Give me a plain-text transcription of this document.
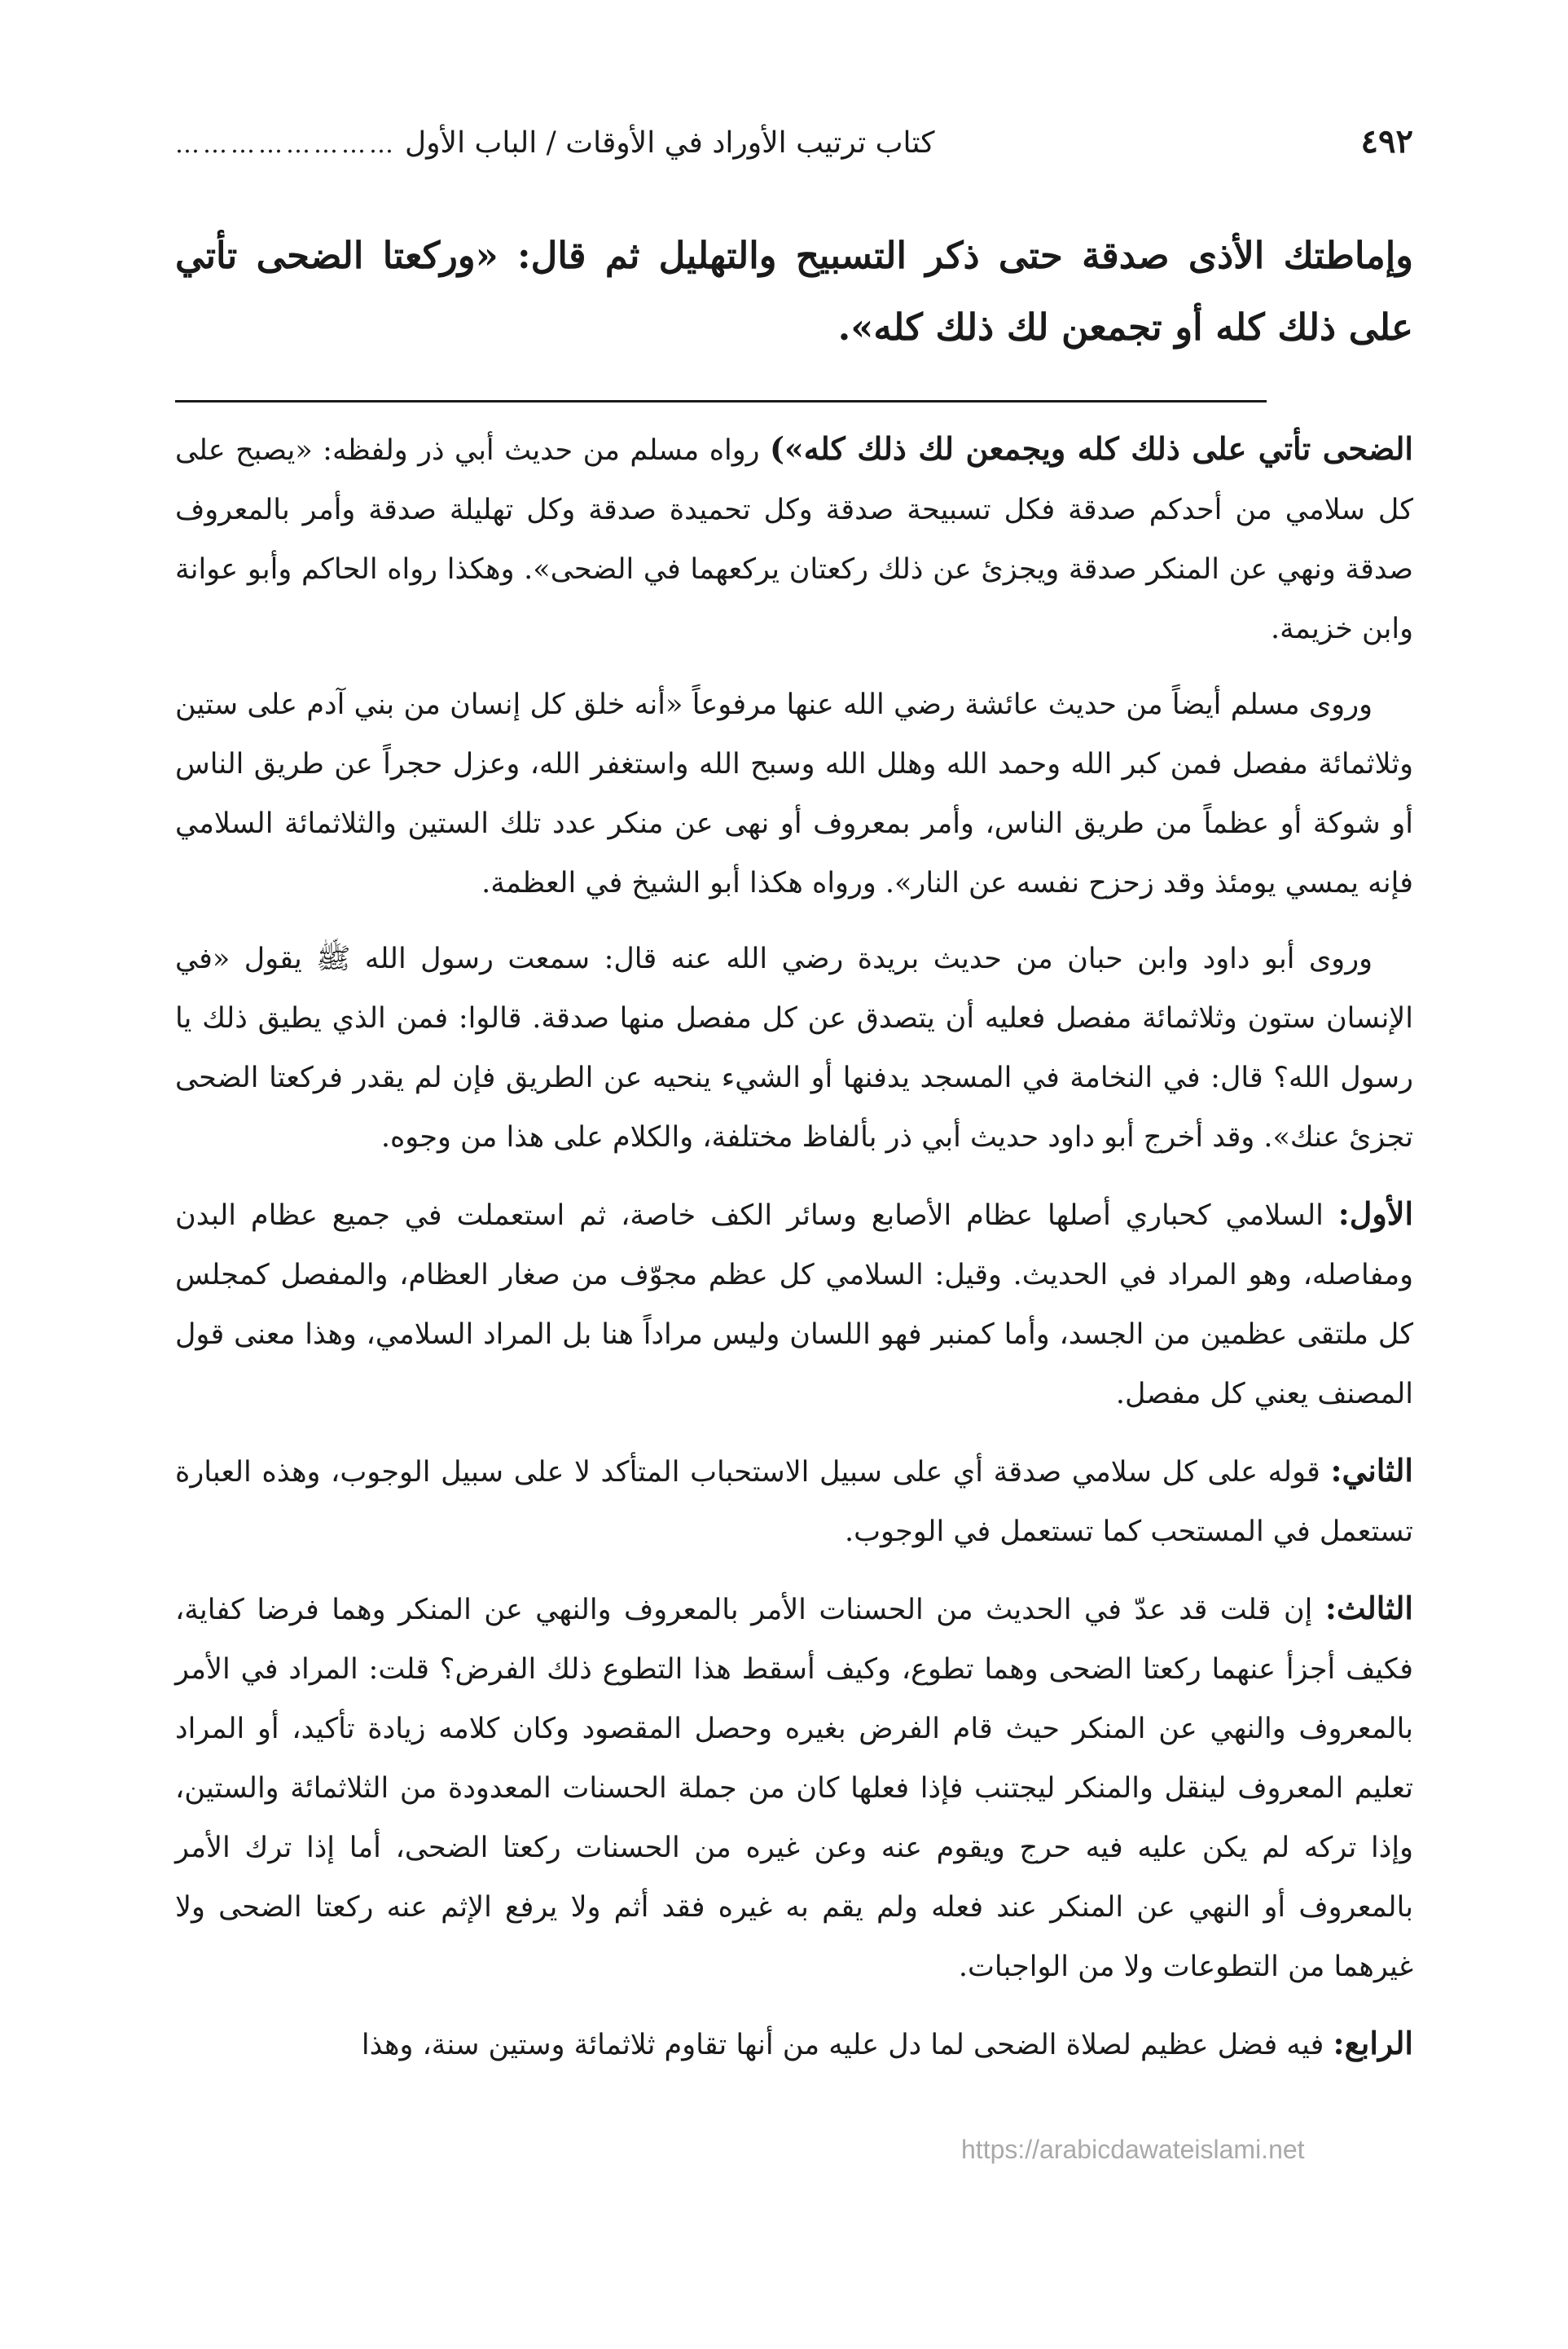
٤٩٢
كتاب ترتيب الأوراد في الأوقات / الباب الأول
……………………
وإماطتك الأذى صدقة حتى ذكر التسبيح والتهليل ثم قال: «وركعتا الضحى تأتي على ذلك كله أو تجمعن لك ذلك كله».

الضحى تأتي على ذلك كله ويجمعن لك ذلك كله») رواه مسلم من حديث أبي ذر ولفظه: «يصبح على كل سلامي من أحدكم صدقة فكل تسبيحة صدقة وكل تحميدة صدقة وكل تهليلة صدقة وأمر بالمعروف صدقة ونهي عن المنكر صدقة ويجزئ عن ذلك ركعتان يركعهما في الضحى». وهكذا رواه الحاكم وأبو عوانة وابن خزيمة.

وروى مسلم أيضاً من حديث عائشة رضي الله عنها مرفوعاً «أنه خلق كل إنسان من بني آدم على ستين وثلاثمائة مفصل فمن كبر الله وحمد الله وهلل الله وسبح الله واستغفر الله، وعزل حجراً عن طريق الناس أو شوكة أو عظماً من طريق الناس، وأمر بمعروف أو نهى عن منكر عدد تلك الستين والثلاثمائة السلامي فإنه يمسي يومئذ وقد زحزح نفسه عن النار». ورواه هكذا أبو الشيخ في العظمة.

وروى أبو داود وابن حبان من حديث بريدة رضي الله عنه قال: سمعت رسول الله ﷺ يقول «في الإنسان ستون وثلاثمائة مفصل فعليه أن يتصدق عن كل مفصل منها صدقة. قالوا: فمن الذي يطيق ذلك يا رسول الله؟ قال: في النخامة في المسجد يدفنها أو الشيء ينحيه عن الطريق فإن لم يقدر فركعتا الضحى تجزئ عنك». وقد أخرج أبو داود حديث أبي ذر بألفاظ مختلفة، والكلام على هذا من وجوه.

الأول: السلامي كحباري أصلها عظام الأصابع وسائر الكف خاصة، ثم استعملت في جميع عظام البدن ومفاصله، وهو المراد في الحديث. وقيل: السلامي كل عظم مجوّف من صغار العظام، والمفصل كمجلس كل ملتقى عظمين من الجسد، وأما كمنبر فهو اللسان وليس مراداً هنا بل المراد السلامي، وهذا معنى قول المصنف يعني كل مفصل.

الثاني: قوله على كل سلامي صدقة أي على سبيل الاستحباب المتأكد لا على سبيل الوجوب، وهذه العبارة تستعمل في المستحب كما تستعمل في الوجوب.

الثالث: إن قلت قد عدّ في الحديث من الحسنات الأمر بالمعروف والنهي عن المنكر وهما فرضا كفاية، فكيف أجزأ عنهما ركعتا الضحى وهما تطوع، وكيف أسقط هذا التطوع ذلك الفرض؟ قلت: المراد في الأمر بالمعروف والنهي عن المنكر حيث قام الفرض بغيره وحصل المقصود وكان كلامه زيادة تأكيد، أو المراد تعليم المعروف لينقل والمنكر ليجتنب فإذا فعلها كان من جملة الحسنات المعدودة من الثلاثمائة والستين، وإذا تركه لم يكن عليه فيه حرج ويقوم عنه وعن غيره من الحسنات ركعتا الضحى، أما إذا ترك الأمر بالمعروف أو النهي عن المنكر عند فعله ولم يقم به غيره فقد أثم ولا يرفع الإثم عنه ركعتا الضحى ولا غيرهما من التطوعات ولا من الواجبات.

الرابع: فيه فضل عظيم لصلاة الضحى لما دل عليه من أنها تقاوم ثلاثمائة وستين سنة، وهذا

https://arabicdawateislami.net
